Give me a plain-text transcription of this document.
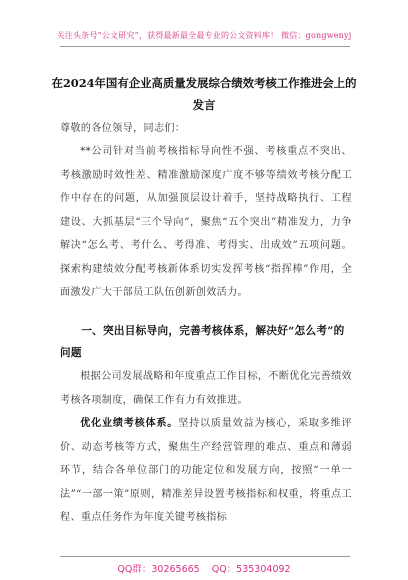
关注头条号“公文研究”，获得最新最全最专业的公文资料库！ 微信：gongwenyj
在2024年国有企业高质量发展综合绩效考核工作推进会上的发言
尊敬的各位领导，同志们：
**公司针对当前考核指标导向性不强、考核重点不突出、考核激励时效性差、精准激励深度广度不够等绩效考核分配工作中存在的问题，从加强顶层设计着手，坚持战略执行、工程建设、大抓基层“三个导向”，聚焦“五个突出”精准发力，力争解决“怎么考、考什么、考得准、考得实、出成效”五项问题。探索构建绩效分配考核新体系切实发挥考核“指挥棒”作用，全面激发广大干部员工队伍创新创效活力。
一、突出目标导向，完善考核体系，解决好“怎么考”的问题
根据公司发展战略和年度重点工作目标，不断优化完善绩效考核各项制度，确保工作有力有效推进。
优化业绩考核体系。坚持以质量效益为核心，采取多维评价、动态考核等方式，聚焦生产经营管理的难点、重点和薄弱环节，结合各单位部门的功能定位和发展方向，按照“一单一法”“一部一策”原则，精准差异设置考核指标和权重，将重点工程、重点任务作为年度关键考核指标
QQ群：30265665 QQ：535304092
